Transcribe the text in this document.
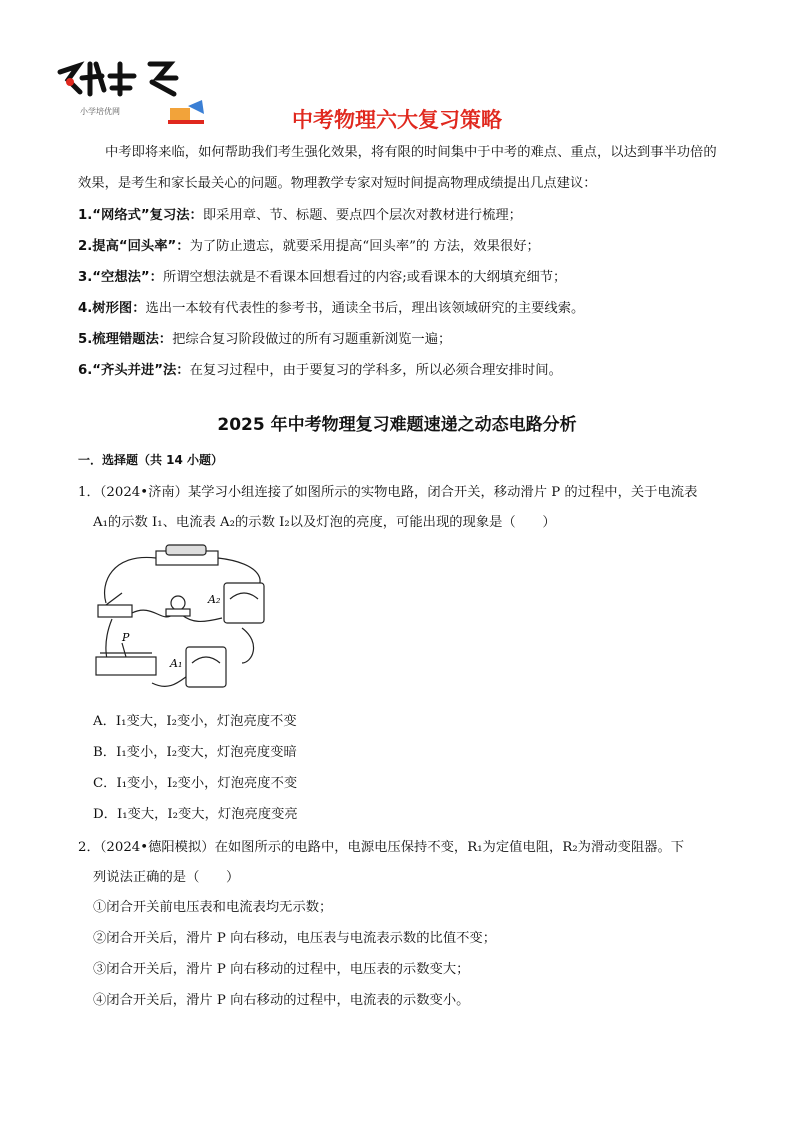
小学培优网	中考物理六大复习策略
中考即将来临，如何帮助我们考生强化效果，将有限的时间集中于中考的难点、重点，以达到事半功倍的效果，是考生和家长最关心的问题。物理教学专家对短时间提高物理成绩提出几点建议：
1.“网络式”复习法：即采用章、节、标题、要点四个层次对教材进行梳理；
2.提高“回头率”：为了防止遗忘，就要采用提高“回头率”的 方法，效果很好；
3.“空想法”：所谓空想法就是不看课本回想看过的内容;或看课本的大纲填充细节；
4.树形图：选出一本较有代表性的参考书，通读全书后，理出该领域研究的主要线索。
5.梳理错题法：把综合复习阶段做过的所有习题重新浏览一遍；
6.“齐头并进”法：在复习过程中，由于要复习的学科多，所以必须合理安排时间。
2025 年中考物理复习难题速递之动态电路分析
一．选择题（共 14 小题）
1．（2024•济南）某学习小组连接了如图所示的实物电路，闭合开关，移动滑片 P 的过程中，关于电流表
A₁的示数 I₁、电流表 A₂的示数 I₂以及灯泡的亮度，可能出现的现象是（　　）
A₂
A₁
P
A．I₁变大，I₂变小，灯泡亮度不变
B．I₁变小，I₂变大，灯泡亮度变暗
C．I₁变小，I₂变小，灯泡亮度不变
D．I₁变大，I₂变大，灯泡亮度变亮
2．（2024•德阳模拟）在如图所示的电路中，电源电压保持不变，R₁为定值电阻，R₂为滑动变阻器。下
列说法正确的是（　　）
①闭合开关前电压表和电流表均无示数；
②闭合开关后，滑片 P 向右移动，电压表与电流表示数的比值不变；
③闭合开关后，滑片 P 向右移动的过程中，电压表的示数变大；
④闭合开关后，滑片 P 向右移动的过程中，电流表的示数变小。
